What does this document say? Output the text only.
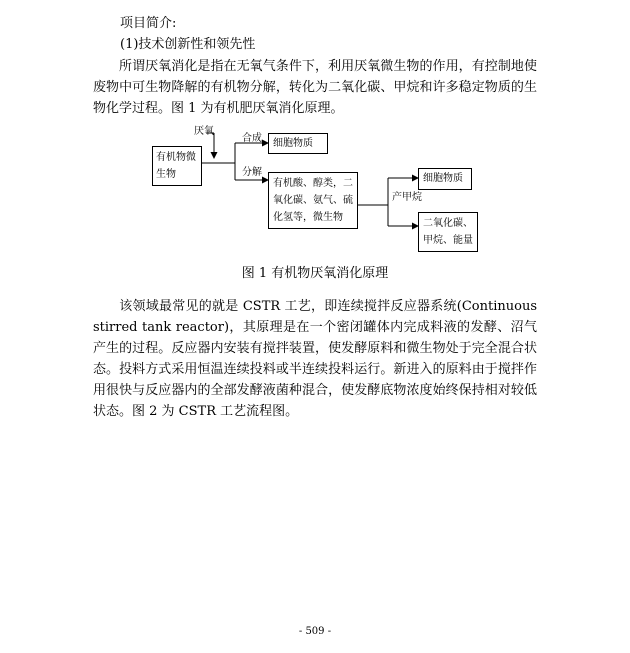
项目简介:
(1)技术创新性和领先性
所谓厌氧消化是指在无氧气条件下，利用厌氧微生物的作用，有控制地使废物中可生物降解的有机物分解，转化为二氧化碳、甲烷和许多稳定物质的生物化学过程。图 1 为有机肥厌氧消化原理。
厌氧
有机物微生物
合成	细胞物质
分解
有机酸、醇类，二氧化碳、氨气、硫化氢等，微生物
产甲烷
细胞物质
二氧化碳、甲烷、能量
图 1 有机物厌氧消化原理
该领域最常见的就是 CSTR 工艺，即连续搅拌反应器系统(Continuous stirred tank reactor)，其原理是在一个密闭罐体内完成料液的发酵、沼气产生的过程。反应器内安装有搅拌装置，使发酵原料和微生物处于完全混合状态。投料方式采用恒温连续投料或半连续投料运行。新进入的原料由于搅拌作用很快与反应器内的全部发酵液菌种混合，使发酵底物浓度始终保持相对较低状态。图 2 为 CSTR 工艺流程图。
- 509 -
